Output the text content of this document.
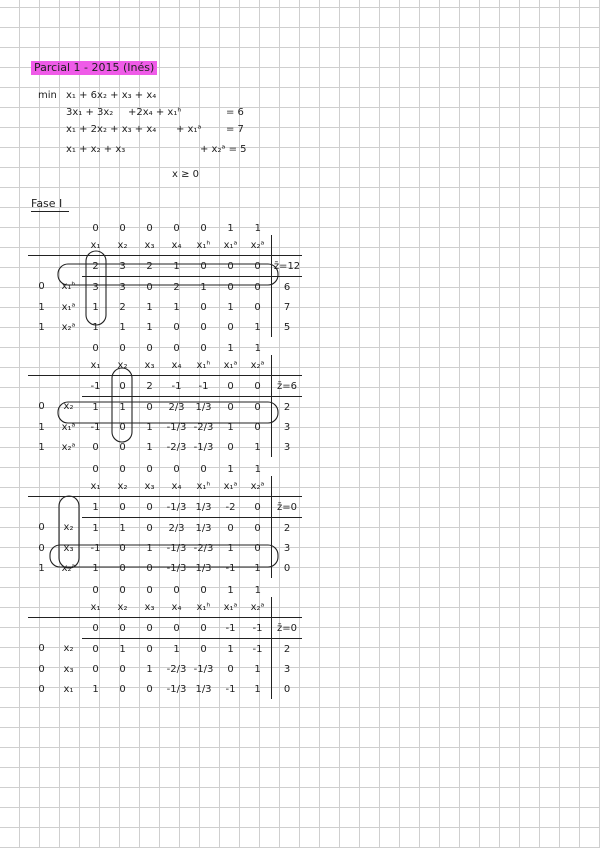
Parcial 1 - 2015 (Inés)
min x₁ + 6x₂ + x₃ + x₄
3x₁ + 3x₂ +2x₄ + x₁ʰ	= 6
x₁ + 2x₂ + x₃ + x₄ + x₁ᵃ = 7
x₁ + x₂ + x₃	+ x₂ᵃ = 5
x ≥ 0
Fase I
		0	0	0	0	0	1	1	
		x₁	x₂	x₃	x₄	x₁ʰ	x₁ᵃ	x₂ᵃ	
		2	3	2	1	0	0	0	z̄=12
0	x₁ʰ	3	3	0	2	1	0	0	6
1	x₁ᵃ	1	2	1	1	0	1	0	7
1	x₂ᵃ	1	1	1	0	0	0	1	5
		0	0	0	0	0	1	1	
		x₁	x₂	x₃	x₄	x₁ʰ	x₁ᵃ	x₂ᵃ	
		-1	0	2	-1	-1	0	0	z̄=6
0	x₂	1	1	0	2/3	1/3	0	0	2
1	x₁ᵃ	-1	0	1	-1/3	-2/3	1	0	3
1	x₂ᵃ	0	0	1	-2/3	-1/3	0	1	3
		0	0	0	0	0	1	1	
		x₁	x₂	x₃	x₄	x₁ʰ	x₁ᵃ	x₂ᵃ	
		1	0	0	-1/3	1/3	-2	0	z̄=0
0	x₂	1	1	0	2/3	1/3	0	0	2
0	x₃	-1	0	1	-1/3	-2/3	1	0	3
1	x₂ᵃ	1	0	0	-1/3	1/3	-1	1	0
		0	0	0	0	0	1	1	
		x₁	x₂	x₃	x₄	x₁ʰ	x₁ᵃ	x₂ᵃ	
		0	0	0	0	0	-1	-1	z̄=0
0	x₂	0	1	0	1	0	1	-1	2
0	x₃	0	0	1	-2/3	-1/3	0	1	3
0	x₁	1	0	0	-1/3	1/3	-1	1	0
